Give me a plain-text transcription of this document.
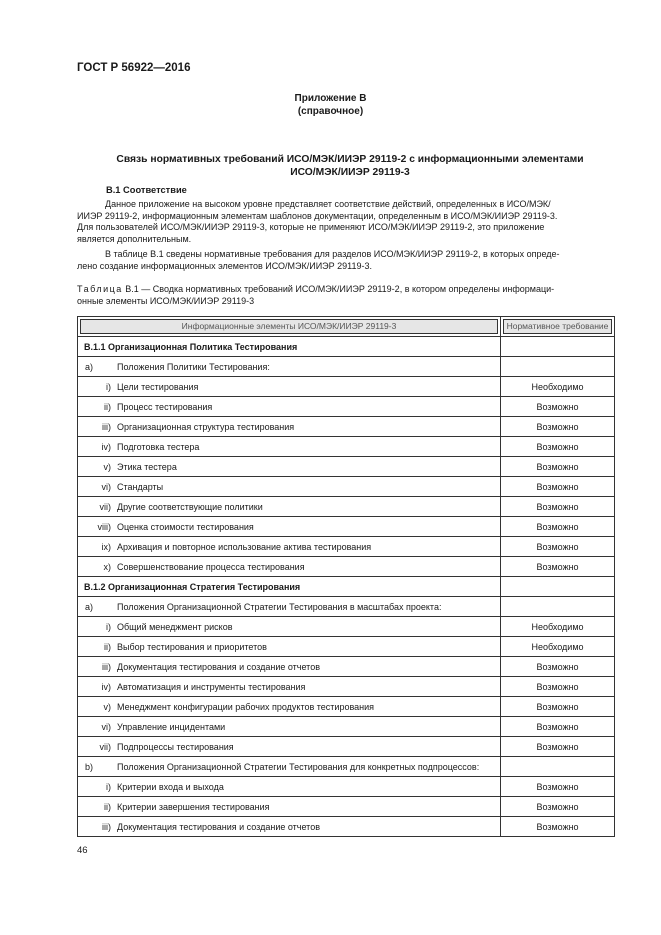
ГОСТ Р 56922—2016
Приложение В
(справочное)
Связь нормативных требований ИСО/МЭК/ИИЭР 29119-2 с информационными элементами
ИСО/МЭК/ИИЭР 29119-3
В.1 Соответствие
Данное приложение на высоком уровне представляет соответствие действий, определенных в ИСО/МЭК/
ИИЭР 29119-2, информационным элементам шаблонов документации, определенным в ИСО/МЭК/ИИЭР 29119-3.
Для пользователей ИСО/МЭК/ИИЭР 29119-3, которые не применяют ИСО/МЭК/ИИЭР 29119-2, это приложение
является дополнительным.
В таблице В.1 сведены нормативные требования для разделов ИСО/МЭК/ИИЭР 29119-2, в которых опреде-
лено создание информационных элементов ИСО/МЭК/ИИЭР 29119-3.
Таблица В.1 — Сводка нормативных требований ИСО/МЭК/ИИЭР 29119-2, в котором определены информаци-
онные элементы ИСО/МЭК/ИИЭР 29119-3
Информационные элементы ИСО/МЭК/ИИЭР 29119-3	Нормативное требование

В.1.1 Организационная Политика Тестирования	
a) Положения Политики Тестирования:	
i) Цели тестирования	Необходимо
ii) Процесс тестирования	Возможно
iii) Организационная структура тестирования	Возможно
iv) Подготовка тестера	Возможно
v) Этика тестера	Возможно
vi) Стандарты	Возможно
vii) Другие соответствующие политики	Возможно
viii) Оценка стоимости тестирования	Возможно
ix) Архивация и повторное использование актива тестирования	Возможно
x) Совершенствование процесса тестирования	Возможно
В.1.2 Организационная Стратегия Тестирования	
a) Положения Организационной Стратегии Тестирования в масштабах проекта:	
i) Общий менеджмент рисков	Необходимо
ii) Выбор тестирования и приоритетов	Необходимо
iii) Документация тестирования и создание отчетов	Возможно
iv) Автоматизация и инструменты тестирования	Возможно
v) Менеджмент конфигурации рабочих продуктов тестирования	Возможно
vi) Управление инцидентами	Возможно
vii) Подпроцессы тестирования	Возможно
b) Положения Организационной Стратегии Тестирования для конкретных подпроцессов:	
i) Критерии входа и выхода	Возможно
ii) Критерии завершения тестирования	Возможно
iii) Документация тестирования и создание отчетов	Возможно
46
